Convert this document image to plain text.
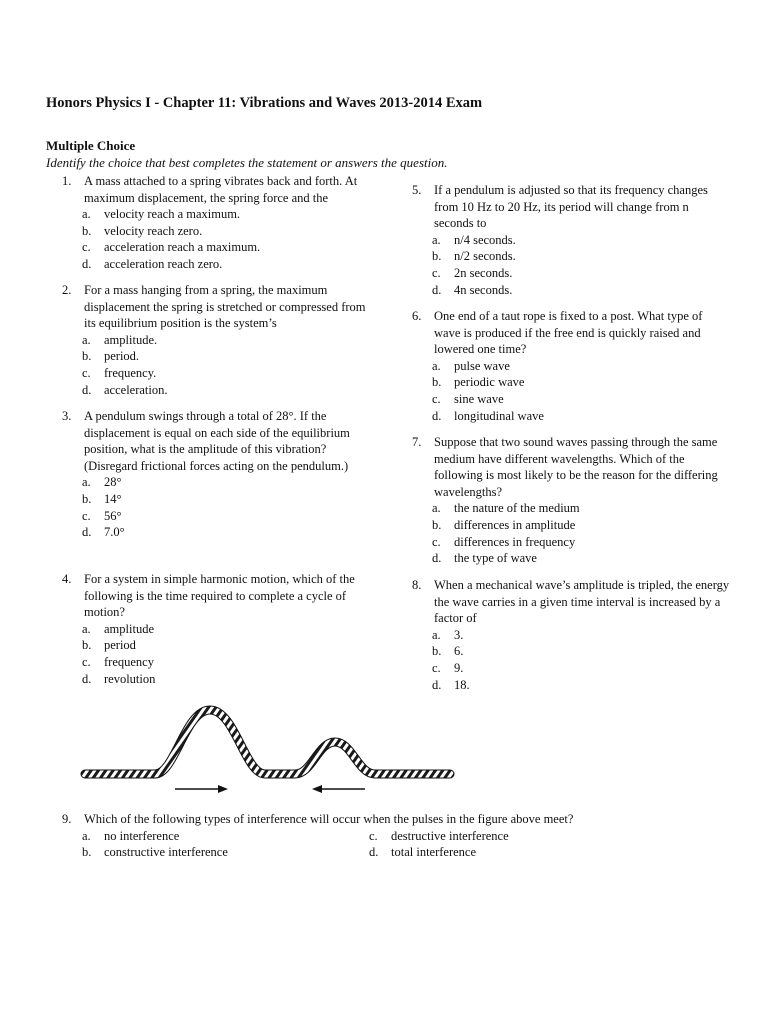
Honors Physics I - Chapter 11: Vibrations and Waves 2013-2014 Exam
Multiple Choice
Identify the choice that best completes the statement or answers the question.
1. A mass attached to a spring vibrates back and forth. At maximum displacement, the spring force and the
a. velocity reach a maximum.
b. velocity reach zero.
c. acceleration reach a maximum.
d. acceleration reach zero.
2. For a mass hanging from a spring, the maximum displacement the spring is stretched or compressed from its equilibrium position is the system’s
a. amplitude.
b. period.
c. frequency.
d. acceleration.
3. A pendulum swings through a total of 28°. If the displacement is equal on each side of the equilibrium position, what is the amplitude of this vibration? (Disregard frictional forces acting on the pendulum.)
a. 28°
b. 14°
c. 56°
d. 7.0°
4. For a system in simple harmonic motion, which of the following is the time required to complete a cycle of motion?
a. amplitude
b. period
c. frequency
d. revolution
5. If a pendulum is adjusted so that its frequency changes from 10 Hz to 20 Hz, its period will change from n seconds to
a. n/4 seconds.
b. n/2 seconds.
c. 2n seconds.
d. 4n seconds.
6. One end of a taut rope is fixed to a post. What type of wave is produced if the free end is quickly raised and lowered one time?
a. pulse wave
b. periodic wave
c. sine wave
d. longitudinal wave
7. Suppose that two sound waves passing through the same medium have different wavelengths. Which of the following is most likely to be the reason for the differing wavelengths?
a. the nature of the medium
b. differences in amplitude
c. differences in frequency
d. the type of wave
8. When a mechanical wave’s amplitude is tripled, the energy the wave carries in a given time interval is increased by a factor of
a. 3.
b. 6.
c. 9.
d. 18.
9. Which of the following types of interference will occur when the pulses in the figure above meet?
a. no interference	c. destructive interference
b. constructive interference	d. total interference
